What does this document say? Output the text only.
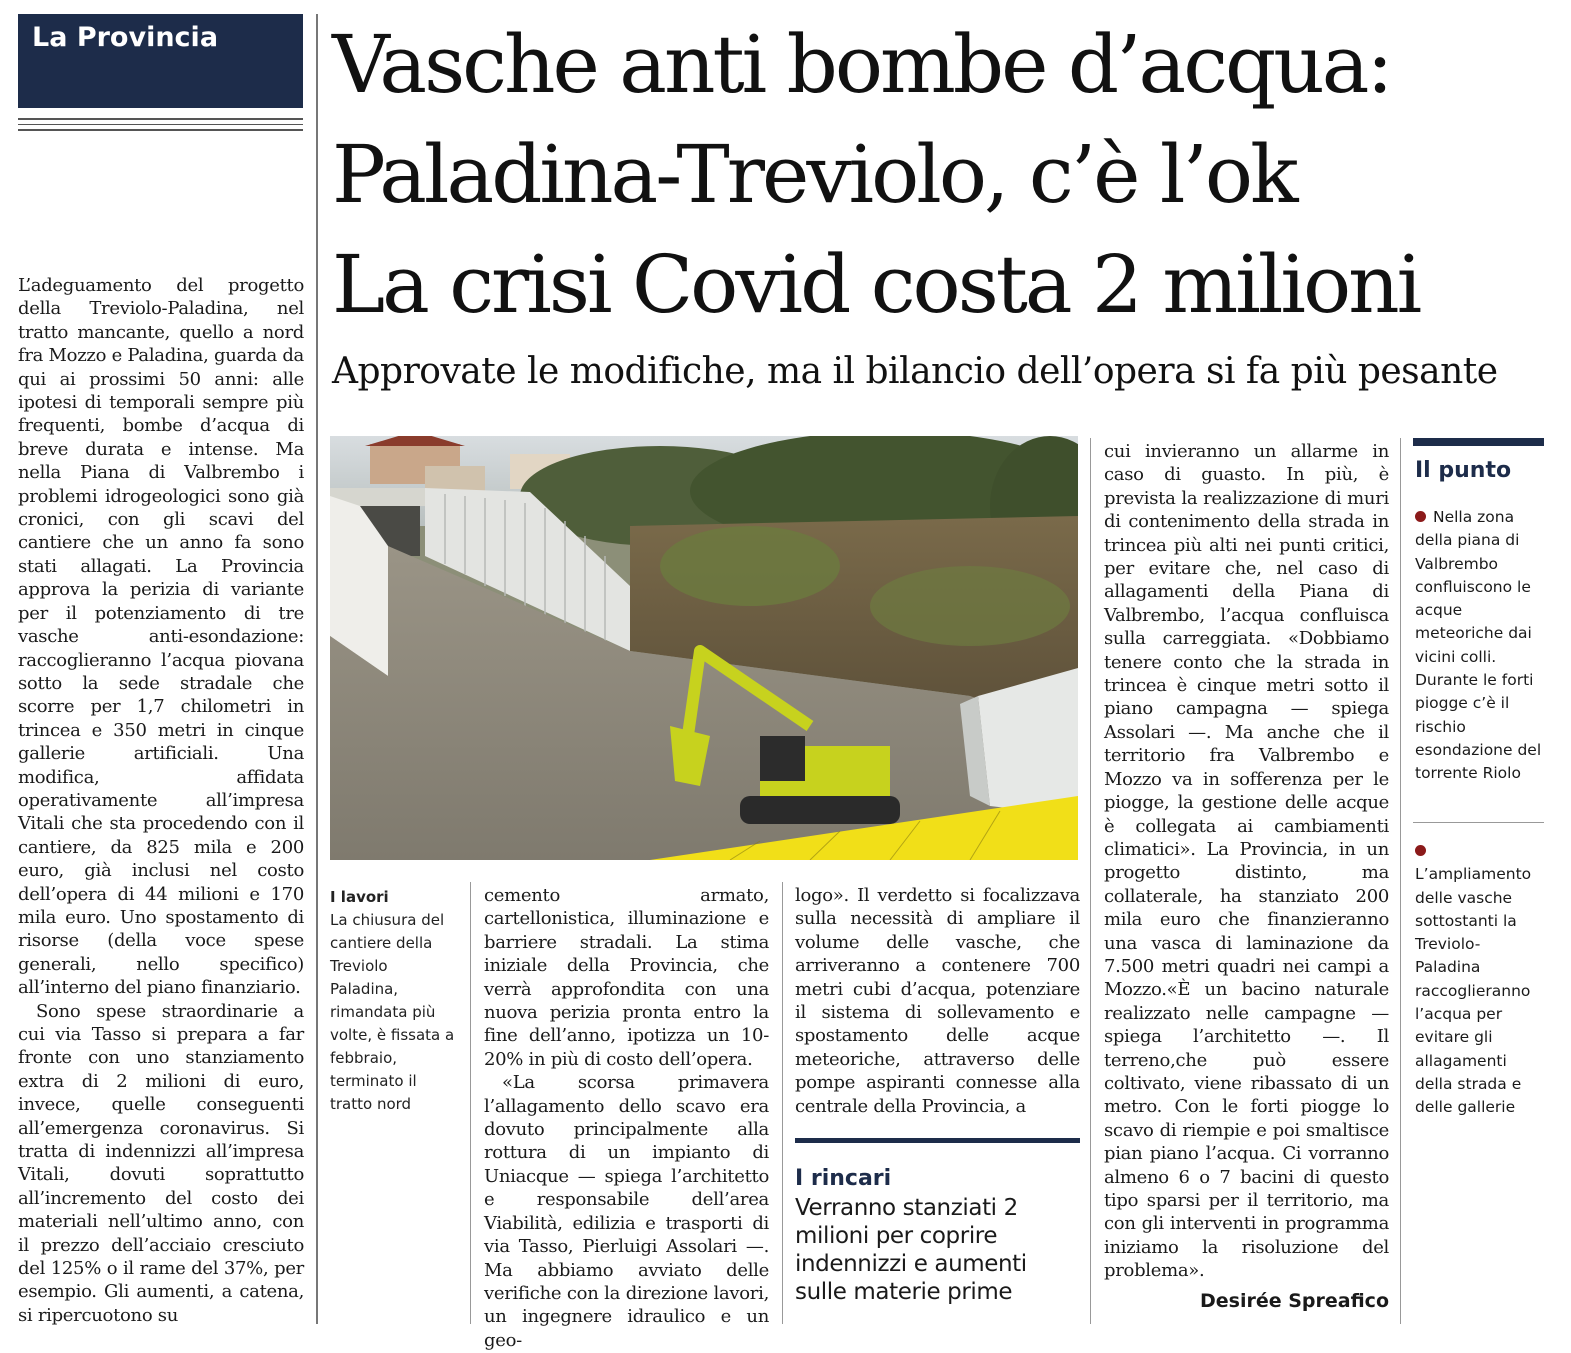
La Provincia Vasche anti bombe d’acqua:
Paladina-Treviolo, c’è l’ok
La crisi Covid costa 2 milioni
Approvate le modifiche, ma il bilancio dell’opera si fa più pesante

L’adeguamento del progetto della Treviolo-Paladina, nel tratto mancante, quello a nord fra Mozzo e Paladina, guarda da qui ai prossimi 50 anni: alle ipotesi di temporali sempre più frequenti, bombe d’acqua di breve durata e intense. Ma nella Piana di Valbrembo i problemi idrogeologici sono già cronici, con gli scavi del cantiere che un anno fa sono stati allagati. La Provincia approva la perizia di variante per il potenziamento di tre vasche anti-esondazione: raccoglieranno l’acqua piovana sotto la sede stradale che scorre per 1,7 chilometri in trincea e 350 metri in cinque gallerie artificiali. Una modifica, affidata operativamente all’impresa Vitali che sta procedendo con il cantiere, da 825 mila e 200 euro, già inclusi nel costo dell’opera di 44 milioni e 170 mila euro. Uno spostamento di risorse (della voce spese generali, nello specifico) all’interno del piano finanziario.

Sono spese straordinarie a cui via Tasso si prepara a far fronte con uno stanziamento extra di 2 milioni di euro, invece, quelle conseguenti all’emergenza coronavirus. Si tratta di indennizzi all’impresa Vitali, dovuti soprattutto all’incremento del costo dei materiali nell’ultimo anno, con il prezzo dell’acciaio cresciuto del 125% o il rame del 37%, per esempio. Gli aumenti, a catena, si ripercuotono su

I lavori
La chiusura del cantiere della Treviolo Paladina, rimandata più volte, è fissata a febbraio, terminato il tratto nord

cemento armato, cartellonistica, illuminazione e barriere stradali. La stima iniziale della Provincia, che verrà approfondita con una nuova perizia pronta entro la fine dell’anno, ipotizza un 10-20% in più di costo dell’opera.

«La scorsa primavera l’allagamento dello scavo era dovuto principalmente alla rottura di un impianto di Uniacque — spiega l’architetto e responsabile dell’area Viabilità, edilizia e trasporti di via Tasso, Pierluigi Assolari —. Ma abbiamo avviato delle verifiche con la direzione lavori, un ingegnere idraulico e un geo-

logo». Il verdetto si focalizzava sulla necessità di ampliare il volume delle vasche, che arriveranno a contenere 700 metri cubi d’acqua, potenziare il sistema di sollevamento e spostamento delle acque meteoriche, attraverso delle pompe aspiranti connesse alla centrale della Provincia, a

I rincari
Verranno stanziati 2 milioni per coprire indennizzi e aumenti sulle materie prime

cui invieranno un allarme in caso di guasto. In più, è prevista la realizzazione di muri di contenimento della strada in trincea più alti nei punti critici, per evitare che, nel caso di allagamenti della Piana di Valbrembo, l’acqua confluisca sulla carreggiata. «Dobbiamo tenere conto che la strada in trincea è cinque metri sotto il piano campagna — spiega Assolari —. Ma anche che il territorio fra Valbrembo e Mozzo va in sofferenza per le piogge, la gestione delle acque è collegata ai cambiamenti climatici». La Provincia, in un progetto distinto, ma collaterale, ha stanziato 200 mila euro che finanzieranno una vasca di laminazione da 7.500 metri quadri nei campi a Mozzo.«È un bacino naturale realizzato nelle campagne — spiega l’architetto —. Il terreno,che può essere coltivato, viene ribassato di un metro. Con le forti piogge lo scavo di riempie e poi smaltisce pian piano l’acqua. Ci vorranno almeno 6 o 7 bacini di questo tipo sparsi per il territorio, ma con gli interventi in programma iniziamo la risoluzione del problema».

Desirée Spreafico
Il punto
Nella zona della piana di Valbrembo confluiscono le acque meteoriche dai vicini colli. Durante le forti piogge c’è il rischio esondazione del torrente Riolo
L’ampliamento delle vasche sottostanti la Treviolo-Paladina raccoglieranno l’acqua per evitare gli allagamenti della strada e delle gallerie
